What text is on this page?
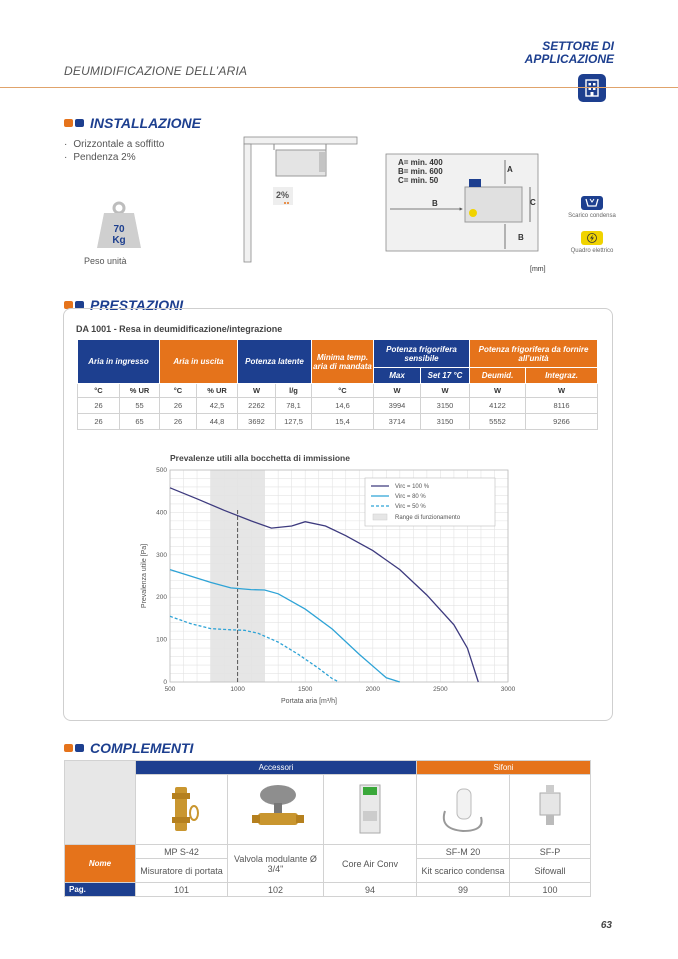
SETTORE DI
APPLICAZIONE
DEUMIDIFICAZIONE DELL’ARIA
INSTALLAZIONE
· Orizzontale a soffitto
· Pendenza 2%
70
Kg
Peso unità
2%
A= min. 400
B= min. 600
C= min. 50
A
B	C
B
[mm]
Scarico condensa
Quadro elettrico
PRESTAZIONI
DA 1001 - Resa in deumidificazione/integrazione
Aria in ingresso		Aria in uscita		Potenza latente		Minima temp. aria di mandata	Potenza frigorifera sensibile		Potenza frigorifera da fornire all’unità	
							Max	Set 17 °C	Deumid.	Integraz.
°C	% UR	°C	% UR	W	l/g	°C	W	W	W	W
26	55	26	42,5	2262	78,1	14,6	3994	3150	4122	8116
26	65	26	44,8	3692	127,5	15,4	3714	3150	5552	9266
Prevalenze utili alla bocchetta di immissione
500	1000	1500	2000	2500	3000
0
100
200
300
400
500
Portata aria [m³/h]
Prevalenza utile [Pa]
Virc = 100 %
Virc = 80 %
Virc = 50 %
Range di funzionamento
COMPLEMENTI
	Accessori			Sifoni	

Nome	MP S-42	Valvola modulante Ø 3/4"	Core Air Conv	SF-M 20	SF-P
	Misuratore di portata			Kit scarico condensa	Sifowall
Pag.	101	102	94	99	100
63
